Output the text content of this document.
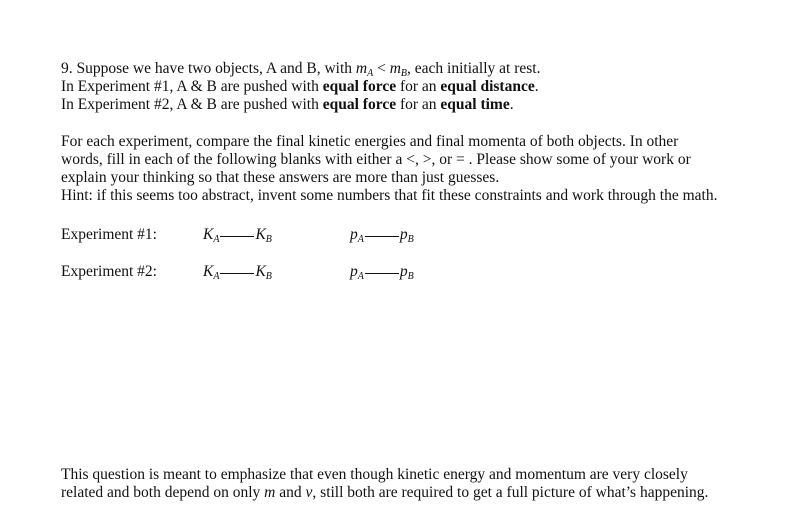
9. Suppose we have two objects, A and B, with $m_A < m_B$, each initially at rest.
In Experiment #1, A & B are pushed with equal force for an equal distance.
In Experiment #2, A & B are pushed with equal force for an equal time.
For each experiment, compare the final kinetic energies and final momenta of both objects. In other
words, fill in each of the following blanks with either a <, >, or = . Please show some of your work or
explain your thinking so that these answers are more than just guesses.
Hint: if this seems too abstract, invent some numbers that fit these constraints and work through the math.
Experiment #1:	$K_A$ $K_B$	$p_A$ $p_B$
Experiment #2:	$K_A$ $K_B$	$p_A$ $p_B$
This question is meant to emphasize that even though kinetic energy and momentum are very closely
related and both depend on only m and v, still both are required to get a full picture of what’s happening.
